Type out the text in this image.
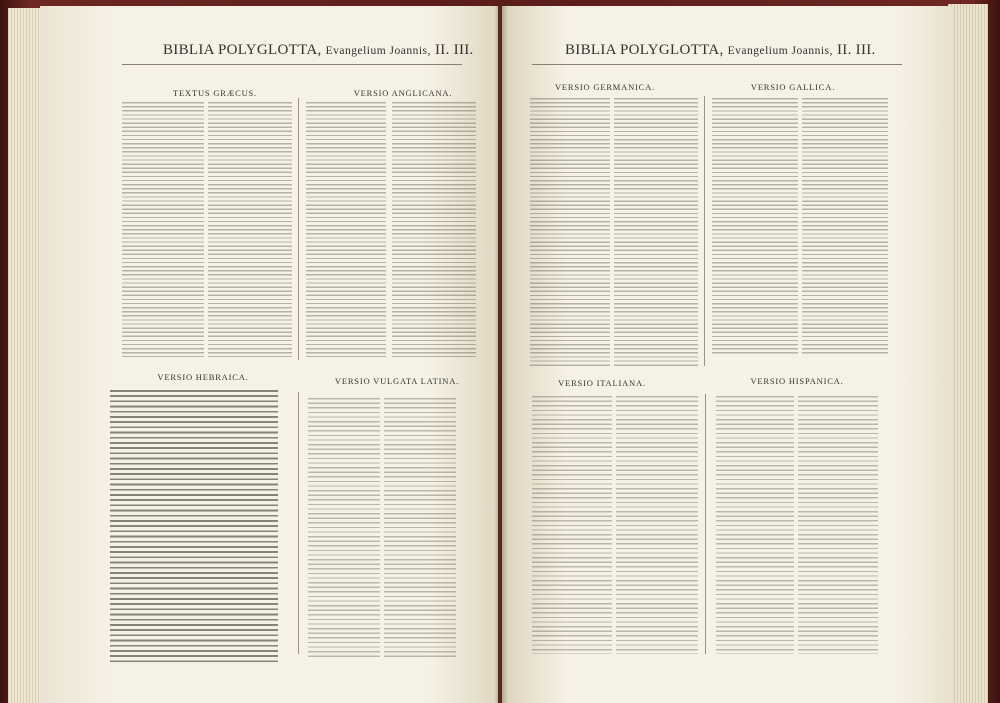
BIBLIA POLYGLOTTA, Evangelium Joannis, II. III.
TEXTUS GRÆCUS.	VERSIO ANGLICANA.
VERSIO HEBRAICA.	VERSIO VULGATA LATINA.
BIBLIA POLYGLOTTA, Evangelium Joannis, II. III.
VERSIO GERMANICA.	VERSIO GALLICA.
VERSIO ITALIANA.	VERSIO HISPANICA.
